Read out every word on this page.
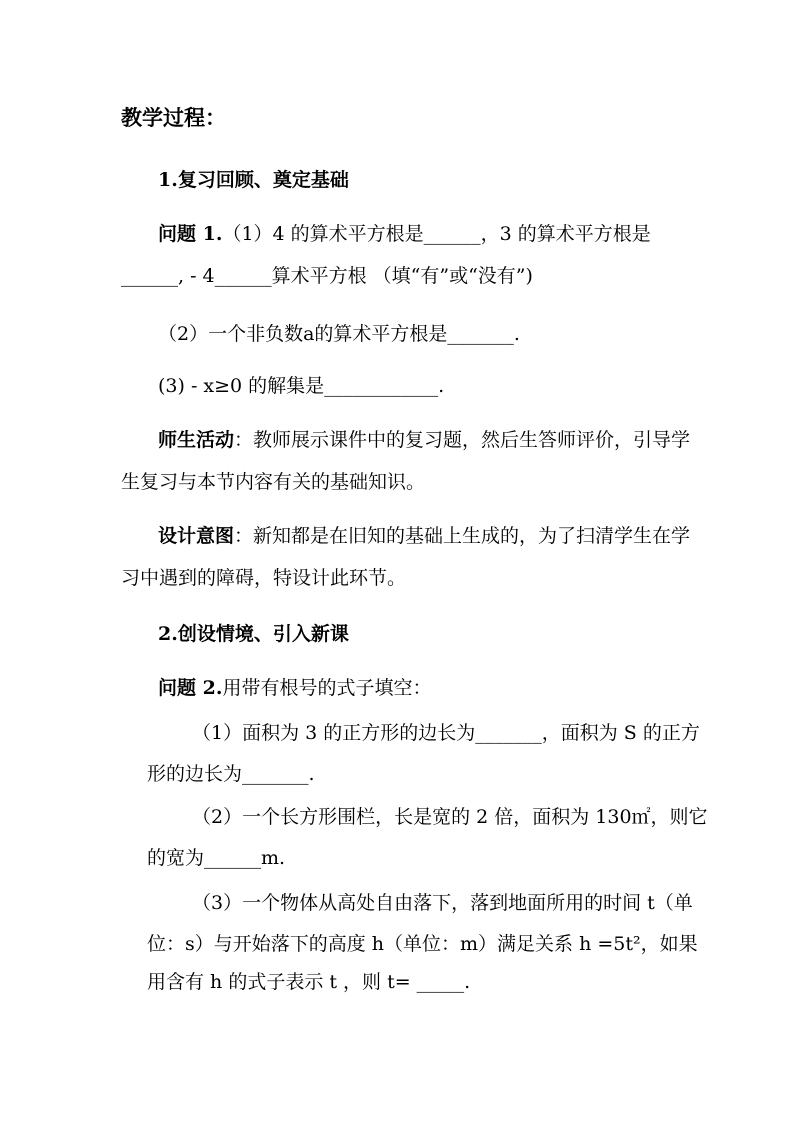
教学过程：
1.复习回顾、奠定基础
问题 1.（1）4 的算术平方根是______，3 的算术平方根是
______, - 4______算术平方根 （填“有”或“没有”)
（2）一个非负数a的算术平方根是_______.
(3) - x≥0 的解集是____________.
师生活动：教师展示课件中的复习题，然后生答师评价，引导学
生复习与本节内容有关的基础知识。
设计意图：新知都是在旧知的基础上生成的，为了扫清学生在学
习中遇到的障碍，特设计此环节。
2.创设情境、引入新课
问题 2.用带有根号的式子填空：
（1）面积为 3 的正方形的边长为_______，面积为 S 的正方
形的边长为_______.
（2）一个长方形围栏，长是宽的 2 倍，面积为 130㎡，则它
的宽为______m.
（3）一个物体从高处自由落下，落到地面所用的时间 t（单
位：s）与开始落下的高度 h（单位：m）满足关系 h =5t²，如果
用含有 h 的式子表示 t ，则 t= _____.
